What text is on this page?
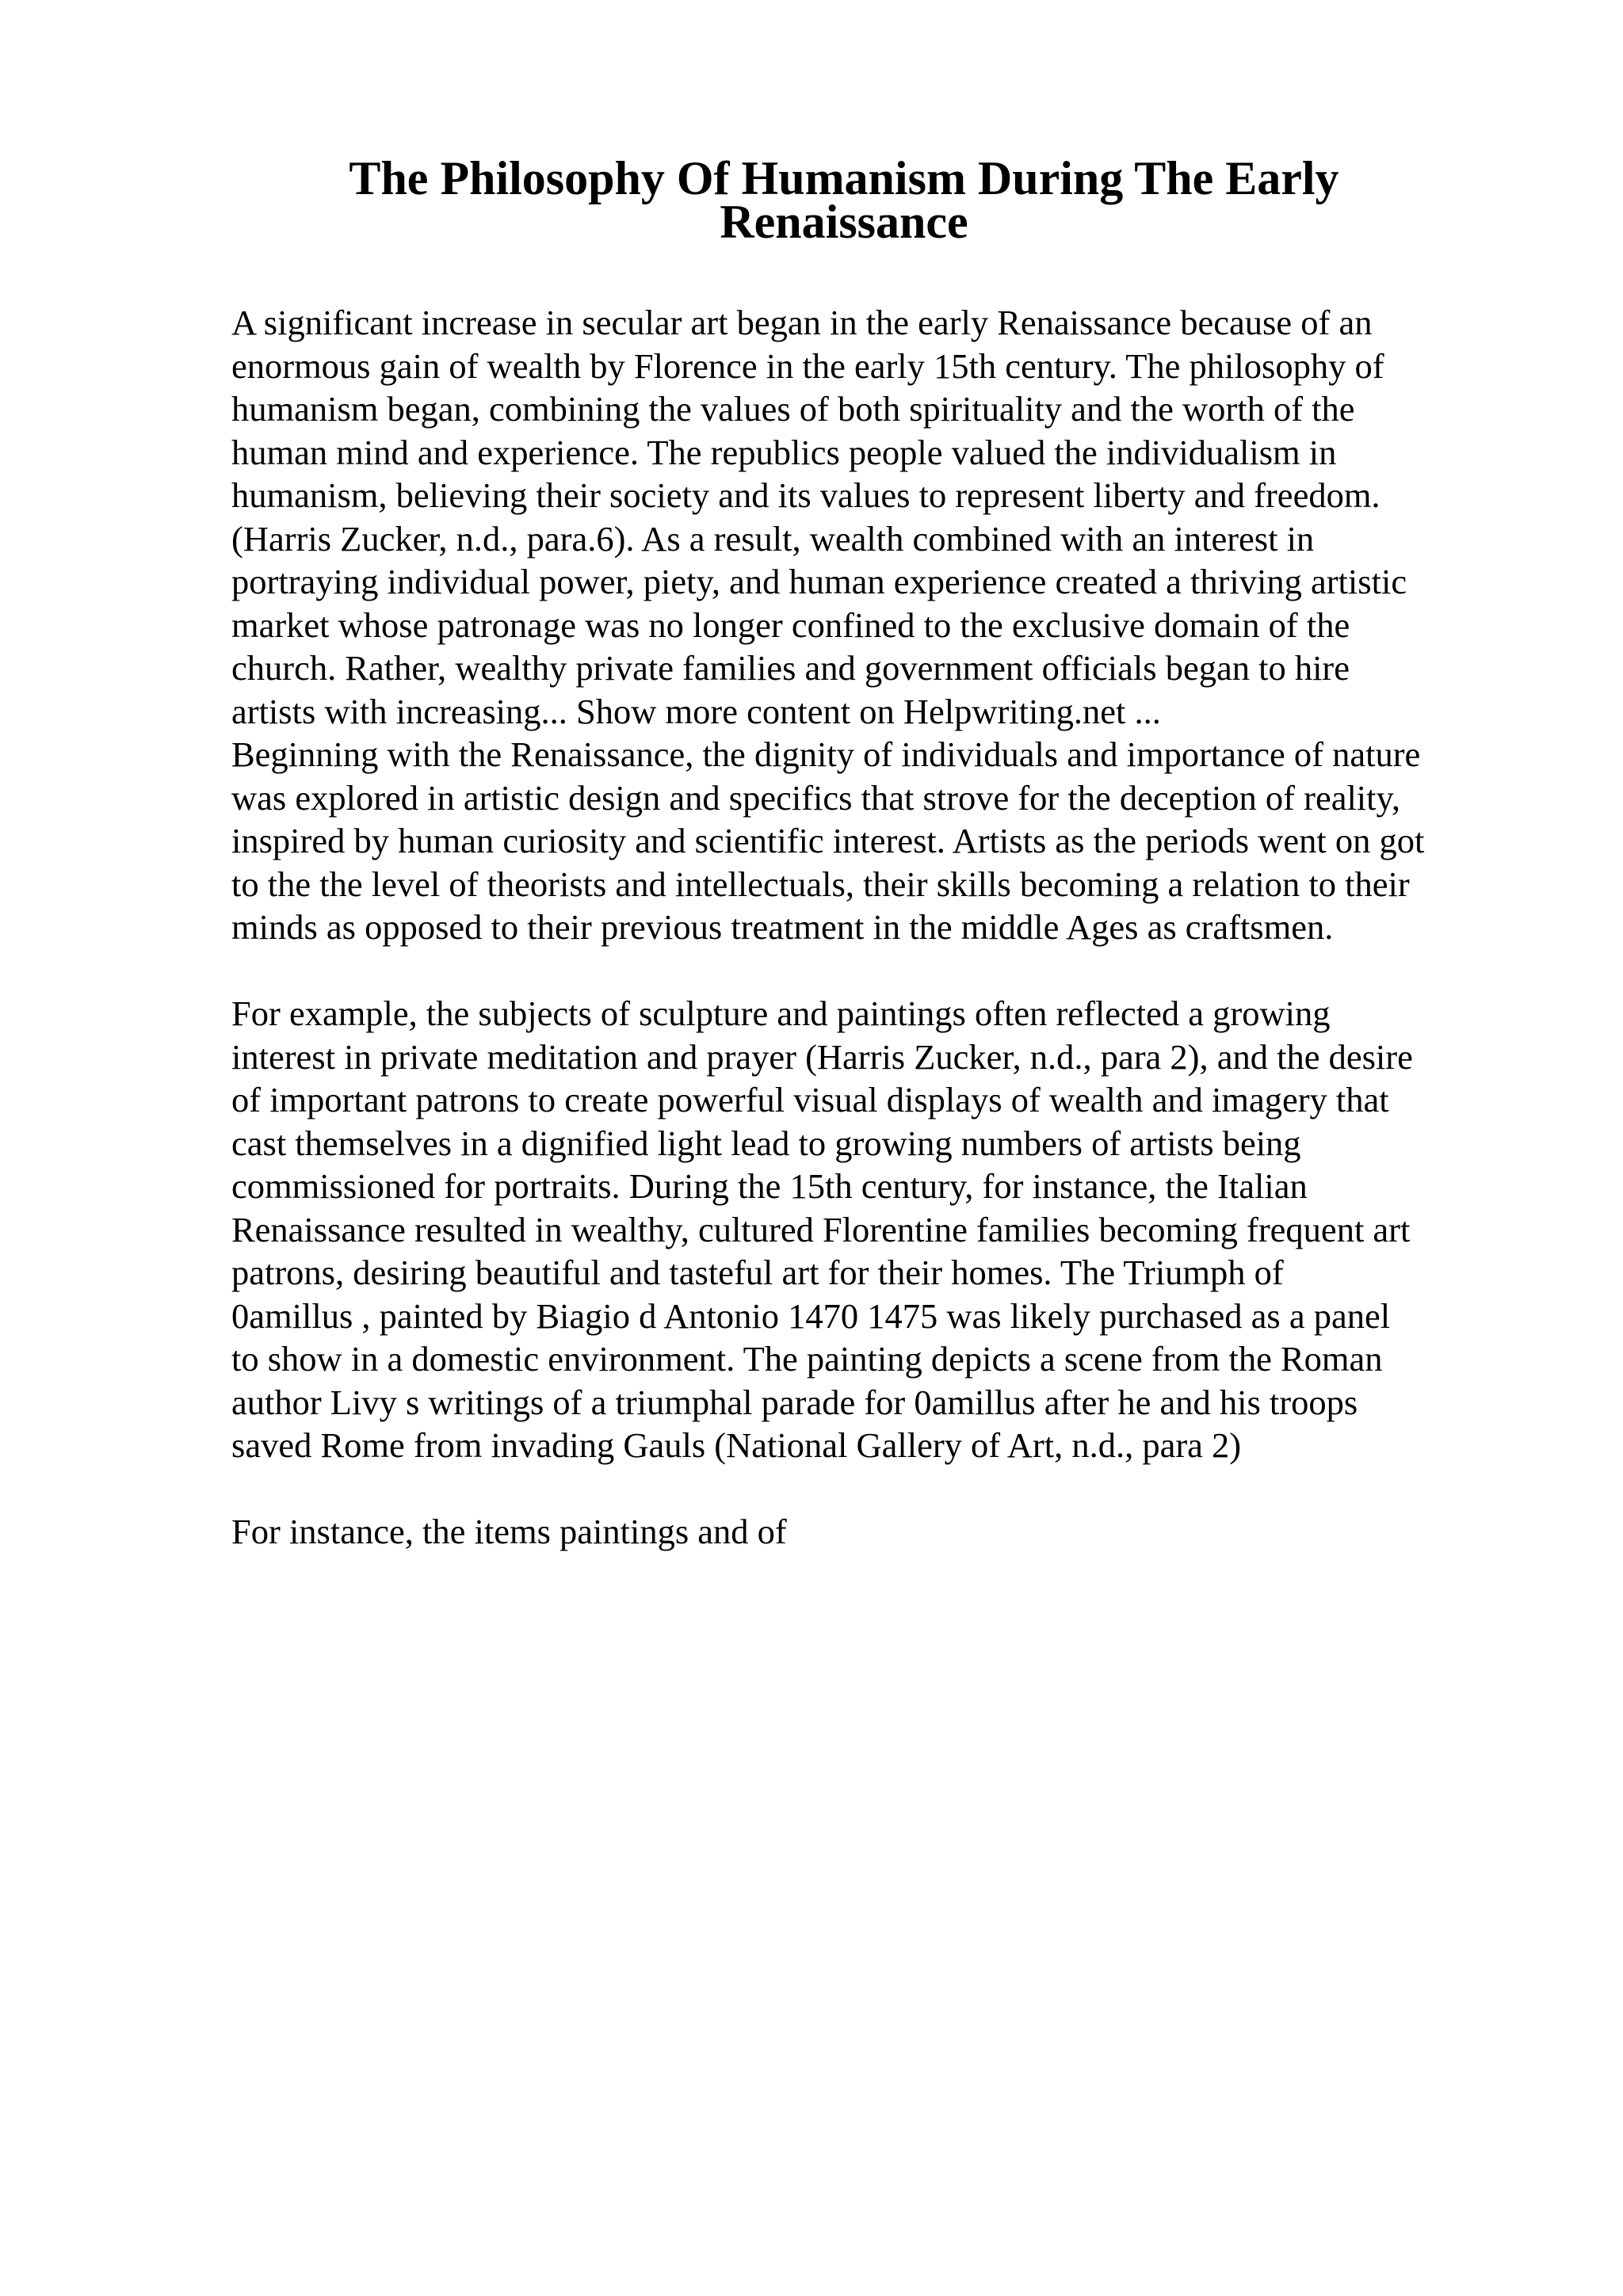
The Philosophy Of Humanism During The Early
Renaissance
A significant increase in secular art began in the early Renaissance because of an
enormous gain of wealth by Florence in the early 15th century. The philosophy of
humanism began, combining the values of both spirituality and the worth of the
human mind and experience. The republics people valued the individualism in
humanism, believing their society and its values to represent liberty and freedom.
(Harris Zucker, n.d., para.6). As a result, wealth combined with an interest in
portraying individual power, piety, and human experience created a thriving artistic
market whose patronage was no longer confined to the exclusive domain of the
church. Rather, wealthy private families and government officials began to hire
artists with increasing... Show more content on Helpwriting.net ...
Beginning with the Renaissance, the dignity of individuals and importance of nature
was explored in artistic design and specifics that strove for the deception of reality,
inspired by human curiosity and scientific interest. Artists as the periods went on got
to the the level of theorists and intellectuals, their skills becoming a relation to their
minds as opposed to their previous treatment in the middle Ages as craftsmen.
For example, the subjects of sculpture and paintings often reflected a growing
interest in private meditation and prayer (Harris Zucker, n.d., para 2), and the desire
of important patrons to create powerful visual displays of wealth and imagery that
cast themselves in a dignified light lead to growing numbers of artists being
commissioned for portraits. During the 15th century, for instance, the Italian
Renaissance resulted in wealthy, cultured Florentine families becoming frequent art
patrons, desiring beautiful and tasteful art for their homes. The Triumph of
0amillus , painted by Biagio d Antonio 1470 1475 was likely purchased as a panel
to show in a domestic environment. The painting depicts a scene from the Roman
author Livy s writings of a triumphal parade for 0amillus after he and his troops
saved Rome from invading Gauls (National Gallery of Art, n.d., para 2)
For instance, the items paintings and of
